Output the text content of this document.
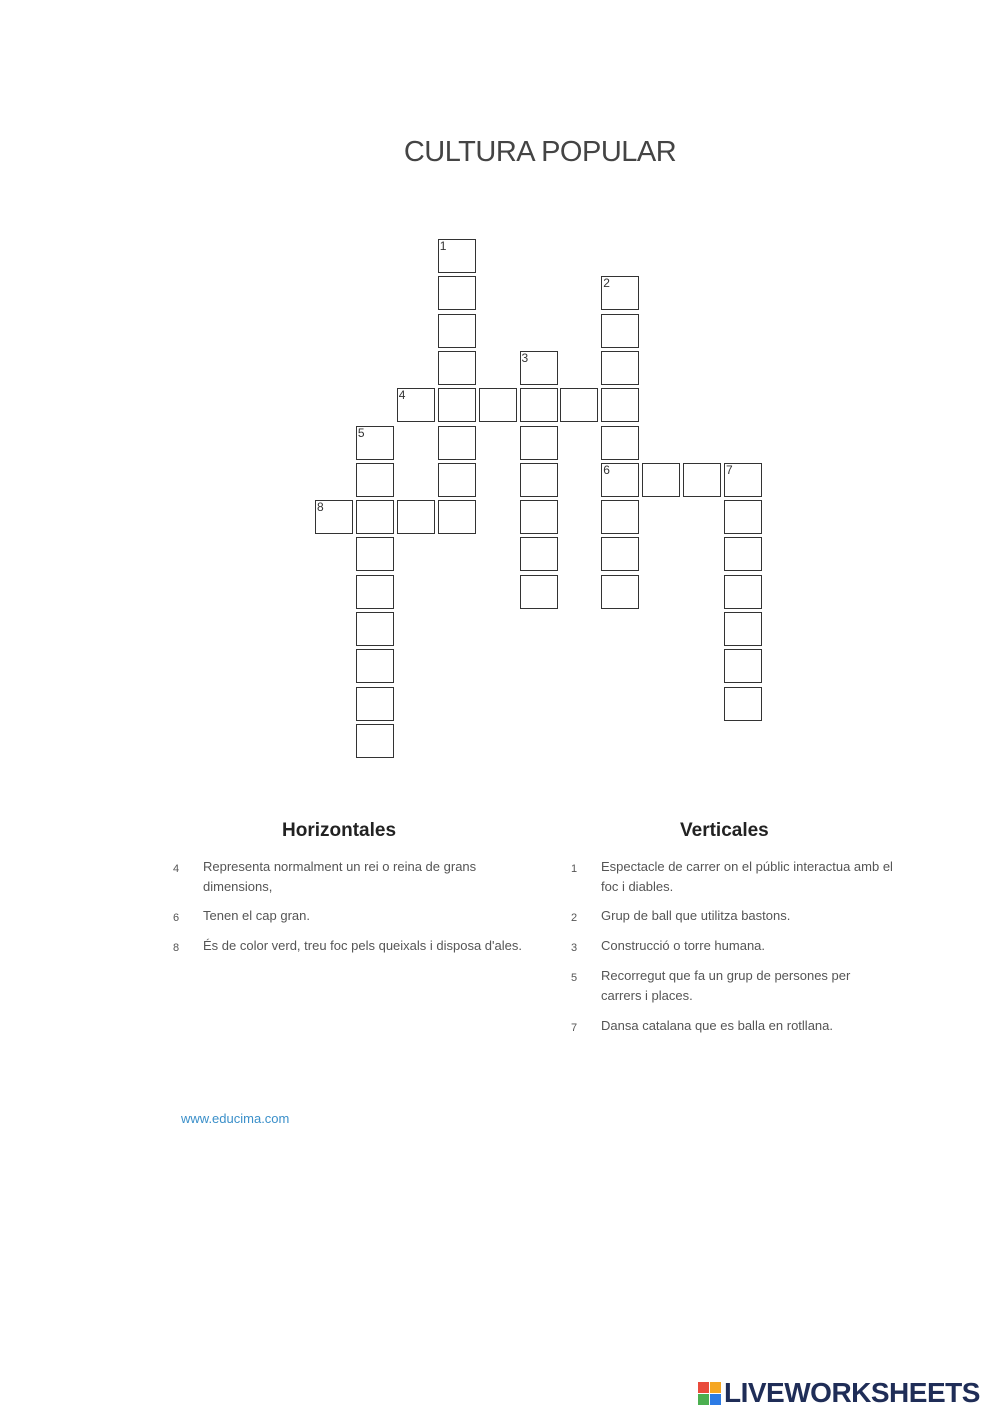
CULTURA POPULAR
1
2
6
3
4
5
7
8
Horizontales	Verticales
4 Representa normalment un rei o reina de grans dimensions,
6 Tenen el cap gran.
8 És de color verd, treu foc pels queixals i disposa d'ales.
1 Espectacle de carrer on el públic interactua amb el foc i diables.
2 Grup de ball que utilitza bastons.
3 Construcció o torre humana.
5 Recorregut que fa un grup de persones per carrers i places.
7 Dansa catalana que es balla en rotllana.
www.educima.com
LIVEWORKSHEETS
